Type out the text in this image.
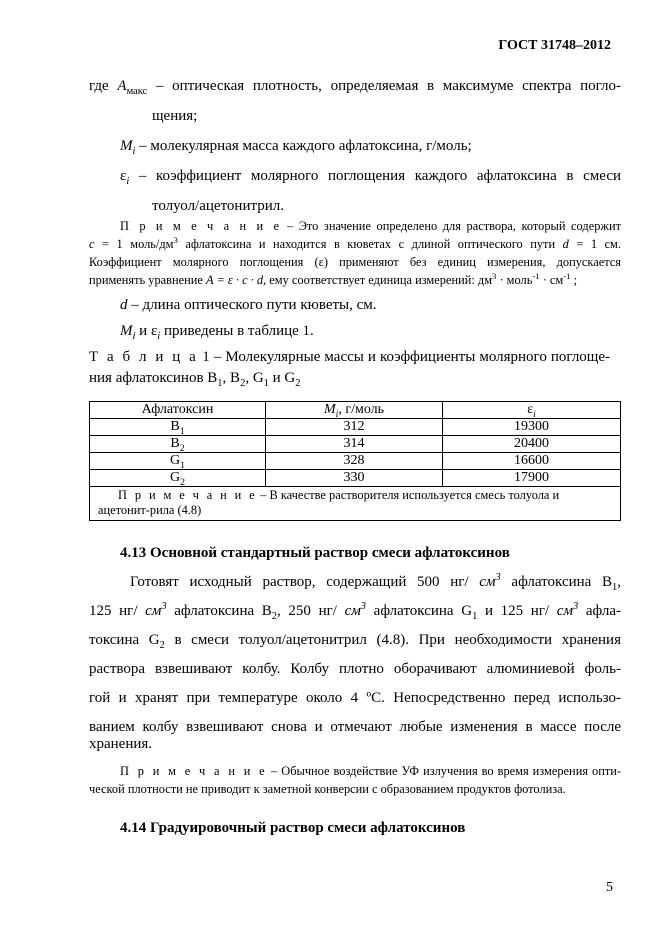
ГОСТ 31748–2012
где $A_{макс}$ – оптическая плотность, определяемая в максимуме спектра погло-
щения;
$M_i$ – молекулярная масса каждого афлатоксина, г/моль;
$\varepsilon_i$ – коэффициент молярного поглощения каждого афлатоксина в смеси
толуол/ацетонитрил.
П р и м е ч а н и е – Это значение определено для раствора, который содержит
c = 1 моль/$дм^3$ афлатоксина и находится в кюветах с длиной оптического пути d = 1 см.
Коэффициент молярного поглощения (ε) применяют без единиц измерения, допускается
применять уравнение A = ε · c · d, ему соответствует единица измерений: $дм^3$ · моль$^{-1}$ · $см^{-1}$ ;
d – длина оптического пути кюветы, см.
$M_i$ и $\varepsilon_i$ приведены в таблице 1.
Т а б л и ц а 1 – Молекулярные массы и коэффициенты молярного поглоще-
ния афлатоксинов $B_1$, $B_2$, $G_1$ и $G_2$
Афлатоксин	$M_i$, г/моль	$\varepsilon_i$
$B_1$	312	19300
$B_2$	314	20400
$G_1$	328	16600
$G_2$	330	17900
П р и м е ч а н и е – В качестве растворителя используется смесь толуола и ацетонит-рила (4.8)		
4.13 Основной стандартный раствор смеси афлатоксинов
Готовят исходный раствор, содержащий 500 нг/ $см^3$ афлатоксина $B_1$,
125 нг/ $см^3$ афлатоксина $B_2$, 250 нг/ $см^3$ афлатоксина $G_1$ и 125 нг/ $см^3$ афла-
токсина $G_2$ в смеси толуол/ацетонитрил (4.8). При необходимости хранения
раствора взвешивают колбу. Колбу плотно оборачивают алюминиевой фоль-
гой и хранят при температуре около 4 ºС. Непосредственно перед использо-
ванием колбу взвешивают снова и отмечают любые изменения в массе после
хранения.
П р и м е ч а н и е – Обычное воздействие УФ излучения во время измерения опти-
ческой плотности не приводит к заметной конверсии с образованием продуктов фотолиза.
4.14 Градуировочный раствор смеси афлатоксинов
5
